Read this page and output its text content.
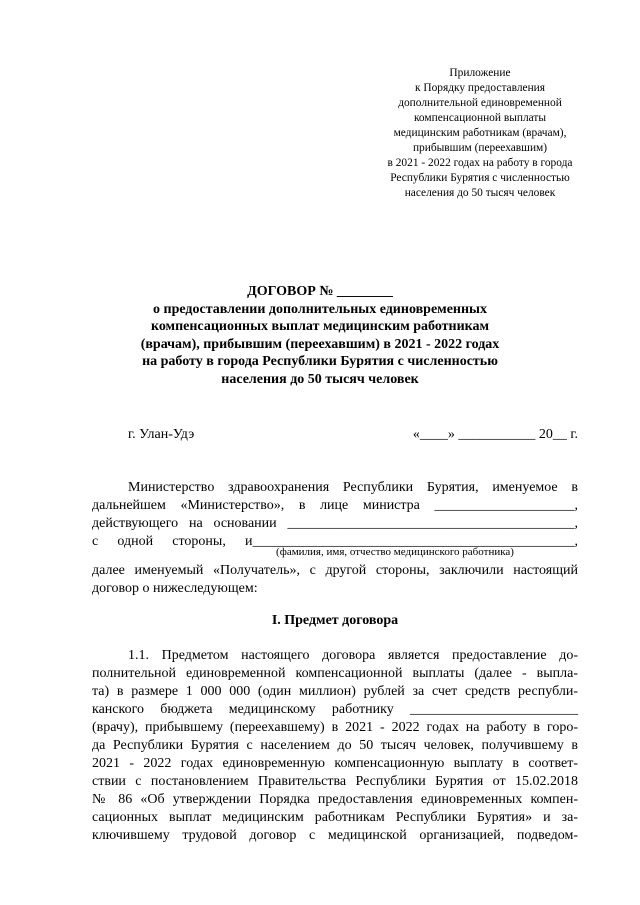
Приложение
к Порядку предоставления
дополнительной единовременной
компенсационной выплаты
медицинским работникам (врачам),
прибывшим (переехавшим)
в 2021 - 2022 годах на работу в города
Республики Бурятия с численностью
населения до 50 тысяч человек
ДОГОВОР № ________
о предоставлении дополнительных единовременных
компенсационных выплат медицинским работникам
(врачам), прибывшим (переехавшим) в 2021 - 2022 годах
на работу в города Республики Бурятия с численностью
населения до 50 тысяч человек
г. Улан-Удэ	«____» ___________ 20__ г.
Министерство здравоохранения Республики Бурятия, именуемое в
дальнейшем «Министерство», в лице министра ____________________,
действующего на основании _________________________________________,
с одной стороны, и______________________________________________,
(фамилия, имя, отчество медицинского работника)
далее именуемый «Получатель», с другой стороны, заключили настоящий
договор о нижеследующем:
I. Предмет договора
1.1. Предметом настоящего договора является предоставление до-
полнительной единовременной компенсационной выплаты (далее - выпла-
та) в размере 1 000 000 (один миллион) рублей за счет средств республи-
канского бюджета медицинскому работнику ________________________
(врачу), прибывшему (переехавшему) в 2021 - 2022 годах на работу в горо-
да Республики Бурятия с населением до 50 тысяч человек, получившему в
2021 - 2022 годах единовременную компенсационную выплату в соответ-
ствии с постановлением Правительства Республики Бурятия от 15.02.2018
№ 86 «Об утверждении Порядка предоставления единовременных компен-
сационных выплат медицинским работникам Республики Бурятия» и за-
ключившему трудовой договор с медицинской организацией, подведом-
